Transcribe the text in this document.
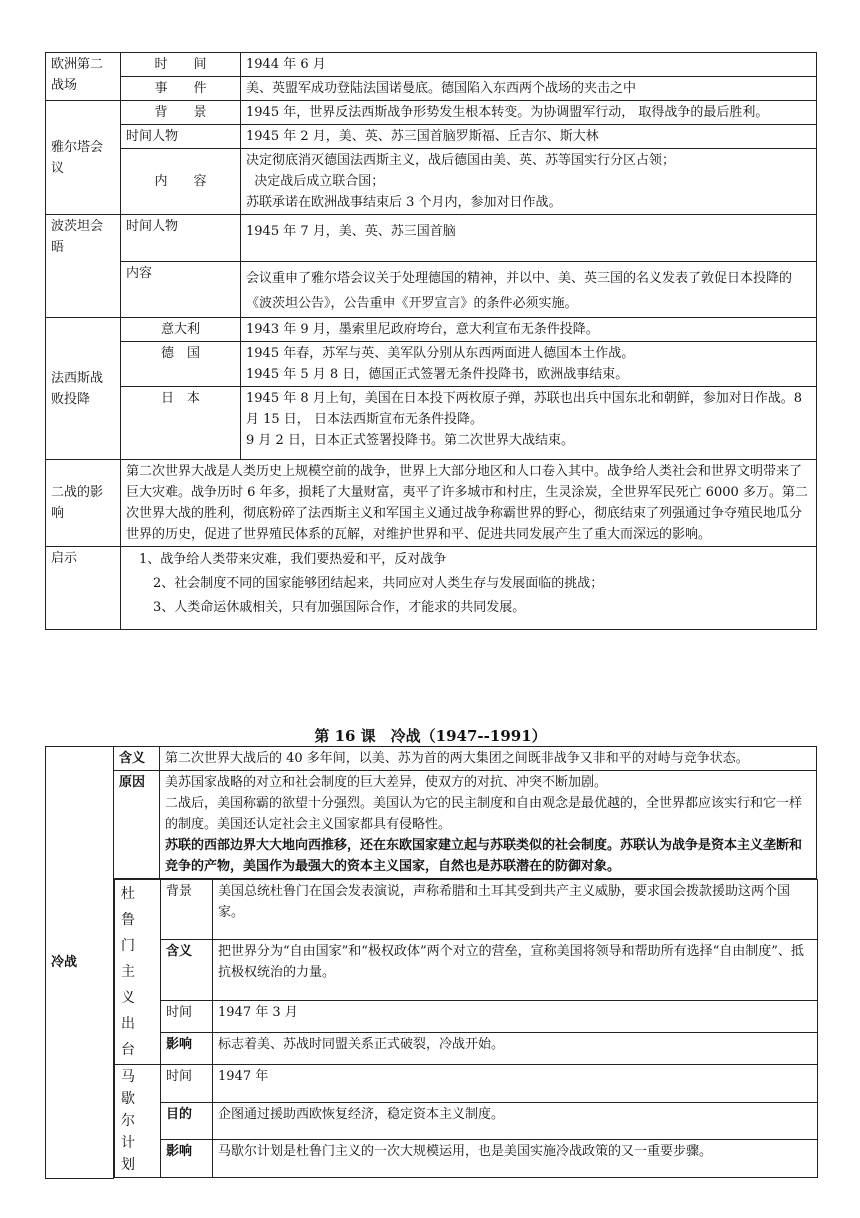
欧洲第二战场	时　　间	1944 年 6 月
	事　　件	美、英盟军成功登陆法国诺曼底。德国陷入东西两个战场的夹击之中
雅尔塔会议	背　　景	1945 年，世界反法西斯战争形势发生根本转变。为协调盟军行动， 取得战争的最后胜利。
	时间人物	1945 年 2 月，美、英、苏三国首脑罗斯福、丘吉尔、斯大林
	内　　容	决定彻底消灭德国法西斯主义，战后德国由美、英、苏等国实行分区占领；

决定战后成立联合国；

苏联承诺在欧洲战事结束后 3 个月内，参加对日作战。

波茨坦会晤	时间人物	1945 年 7 月，美、英、苏三国首脑
	内容	会议重申了雅尔塔会议关于处理德国的精神，并以中、美、英三国的名义发表了敦促日本投降的《波茨坦公告》，公告重申《开罗宣言》的条件必须实施。
法西斯战败投降	意大利	1943 年 9 月，墨索里尼政府垮台，意大利宣布无条件投降。
	德　国	1945 年春，苏军与英、美军队分别从东西两面进人德国本土作战。

1945 年 5 月 8 日，德国正式签署无条件投降书，欧洲战事结束。

	日　本	1945 年 8 月上旬，美国在日本投下两枚原子弹，苏联也出兵中国东北和朝鲜，参加对日作战。8 月 15 日， 日本法西斯宣布无条件投降。

9 月 2 日，日本正式签署投降书。第二次世界大战结束。

二战的影响	第二次世界大战是人类历史上规模空前的战争，世界上大部分地区和人口卷入其中。战争给人类社会和世界文明带来了巨大灾难。战争历时 6 年多，损耗了大量财富，夷平了许多城市和村庄，生灵涂炭，全世界军民死亡 6000 多万。第二次世界大战的胜利，彻底粉碎了法西斯主义和军国主义通过战争称霸世界的野心，彻底结束了列强通过争夺殖民地瓜分世界的历史，促进了世界殖民体系的瓦解，对维护世界和平、促进共同发展产生了重大而深远的影响。	
启示	1、战争给人类带来灾难，我们要热爱和平，反对战争

2、社会制度不同的国家能够团结起来，共同应对人类生存与发展面临的挑战；

3、人类命运休戚相关，只有加强国际合作，才能求的共同发展。	

第 16 课　冷战（1947--1991）
冷战	含义	第二次世界大战后的 40 多年间，以美、苏为首的两大集团之间既非战争又非和平的对峙与竞争状态。
原因	美苏国家战略的对立和社会制度的巨大差异，使双方的对抗、冲突不断加剧。

二战后，美国称霸的欲望十分强烈。美国认为它的民主制度和自由观念是最优越的，全世界都应该实行和它一样的制度。美国还认定社会主义国家都具有侵略性。

苏联的西部边界大大地向西推移，还在东欧国家建立起与苏联类似的社会制度。苏联认为战争是资本主义垄断和竞争的产物，美国作为最强大的资本主义国家，自然也是苏联潜在的防御对象。

杜鲁门主义出台	背景	美国总统杜鲁门在国会发表演说，声称希腊和土耳其受到共产主义威胁，要求国会拨款援助这两个国家。
含义	把世界分为“自由国家”和“极权政体”两个对立的营垒，宣称美国将领导和帮助所有选择“自由制度”、抵抗极权统治的力量。
时间	1947 年 3 月
影响	标志着美、苏战时同盟关系正式破裂，冷战开始。
马歇尔计划	时间	1947 年
目的	企图通过援助西欧恢复经济，稳定资本主义制度。
影响	马歇尔计划是杜鲁门主义的一次大规模运用，也是美国实施冷战政策的又一重要步骤。
